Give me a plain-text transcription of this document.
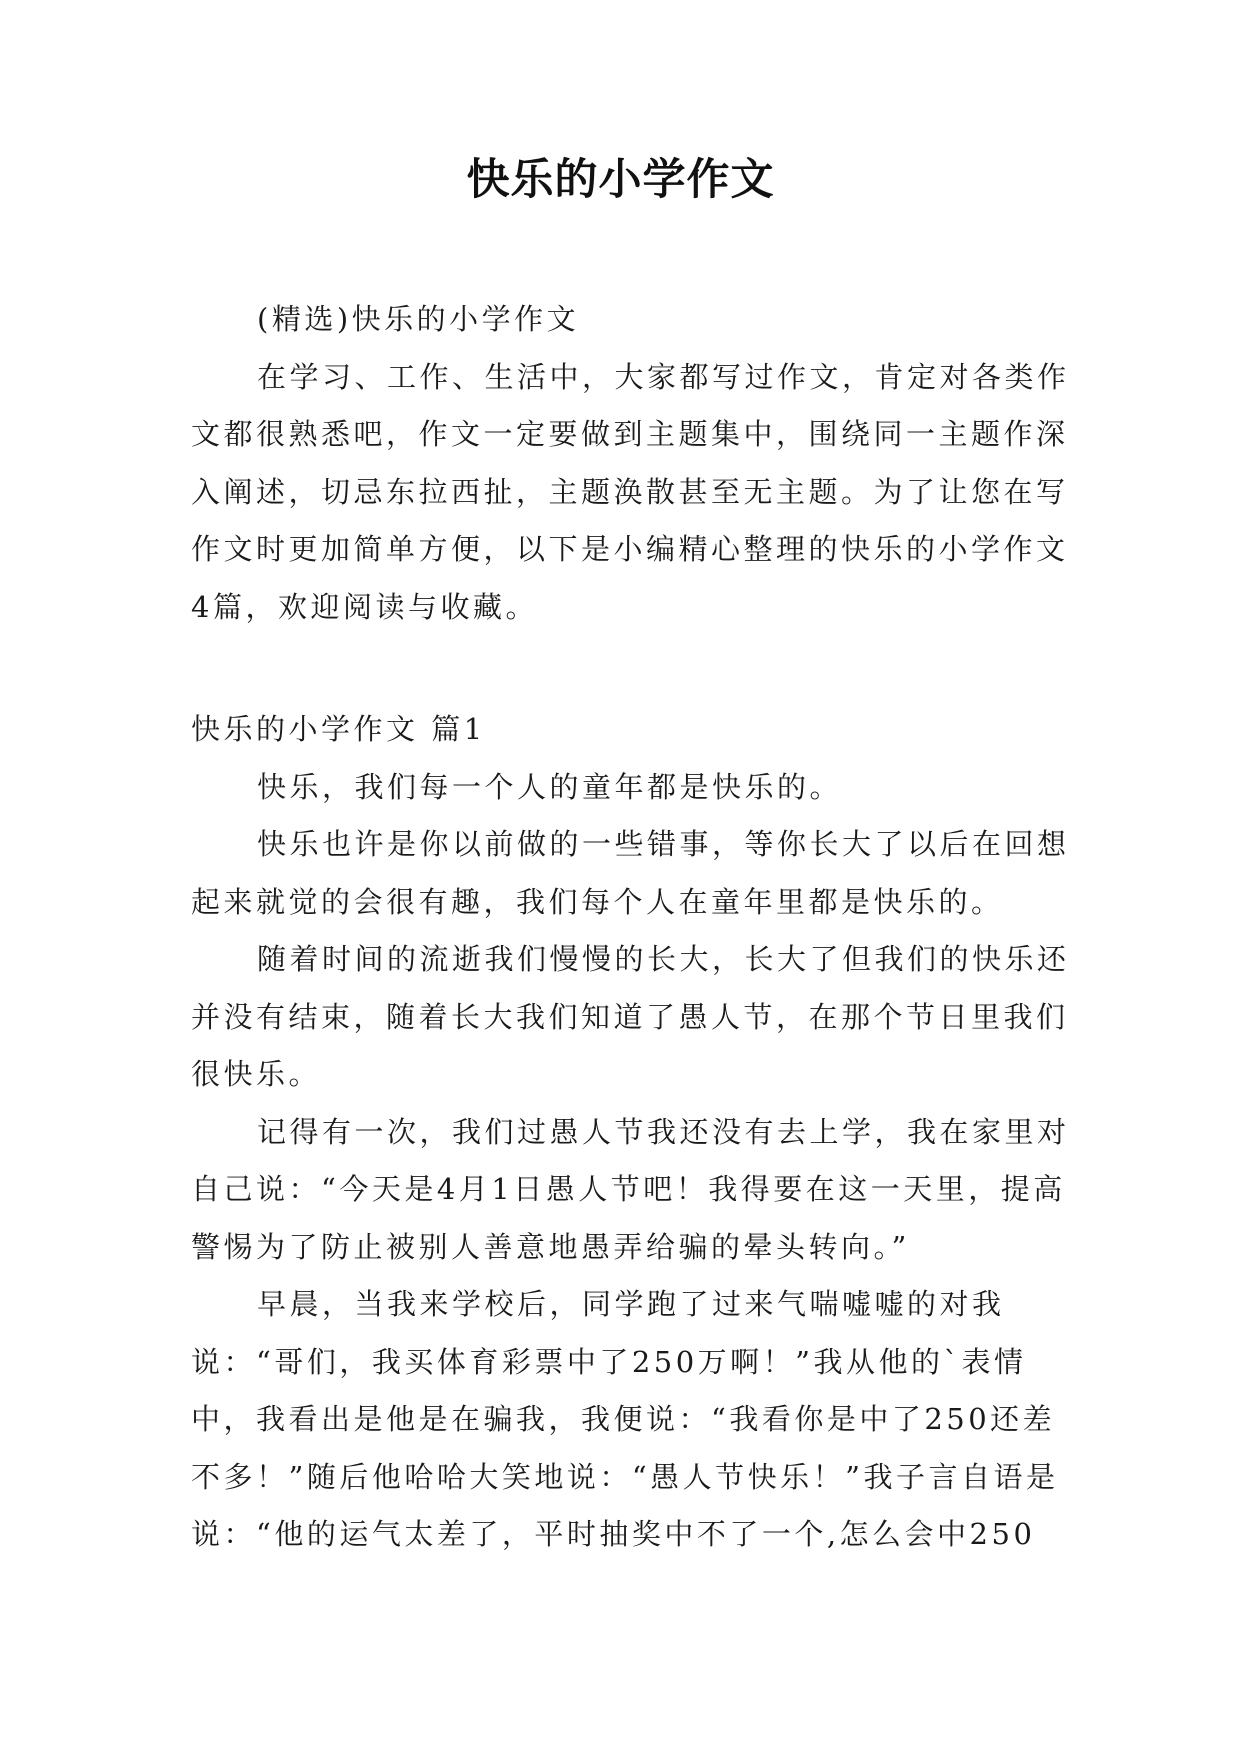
快乐的小学作文

(精选)快乐的小学作文

在学习、工作、生活中，大家都写过作文，肯定对各类作文都很熟悉吧，作文一定要做到主题集中，围绕同一主题作深入阐述，切忌东拉西扯，主题涣散甚至无主题。为了让您在写作文时更加简单方便，以下是小编精心整理的快乐的小学作文4篇，欢迎阅读与收藏。

快乐的小学作文 篇1

快乐，我们每一个人的童年都是快乐的。

快乐也许是你以前做的一些错事，等你长大了以后在回想起来就觉的会很有趣，我们每个人在童年里都是快乐的。

随着时间的流逝我们慢慢的长大，长大了但我们的快乐还并没有结束，随着长大我们知道了愚人节，在那个节日里我们很快乐。

记得有一次，我们过愚人节我还没有去上学，我在家里对自己说：“今天是4月1日愚人节吧！我得要在这一天里，提高警惕为了防止被别人善意地愚弄给骗的晕头转向。”

早晨，当我来学校后，同学跑了过来气喘嘘嘘的对我说：“哥们，我买体育彩票中了250万啊！”我从他的`表情中，我看出是他是在骗我，我便说：“我看你是中了250还差不多！”随后他哈哈大笑地说：“愚人节快乐！”我子言自语是说：“他的运气太差了，平时抽奖中不了一个,怎么会中250
